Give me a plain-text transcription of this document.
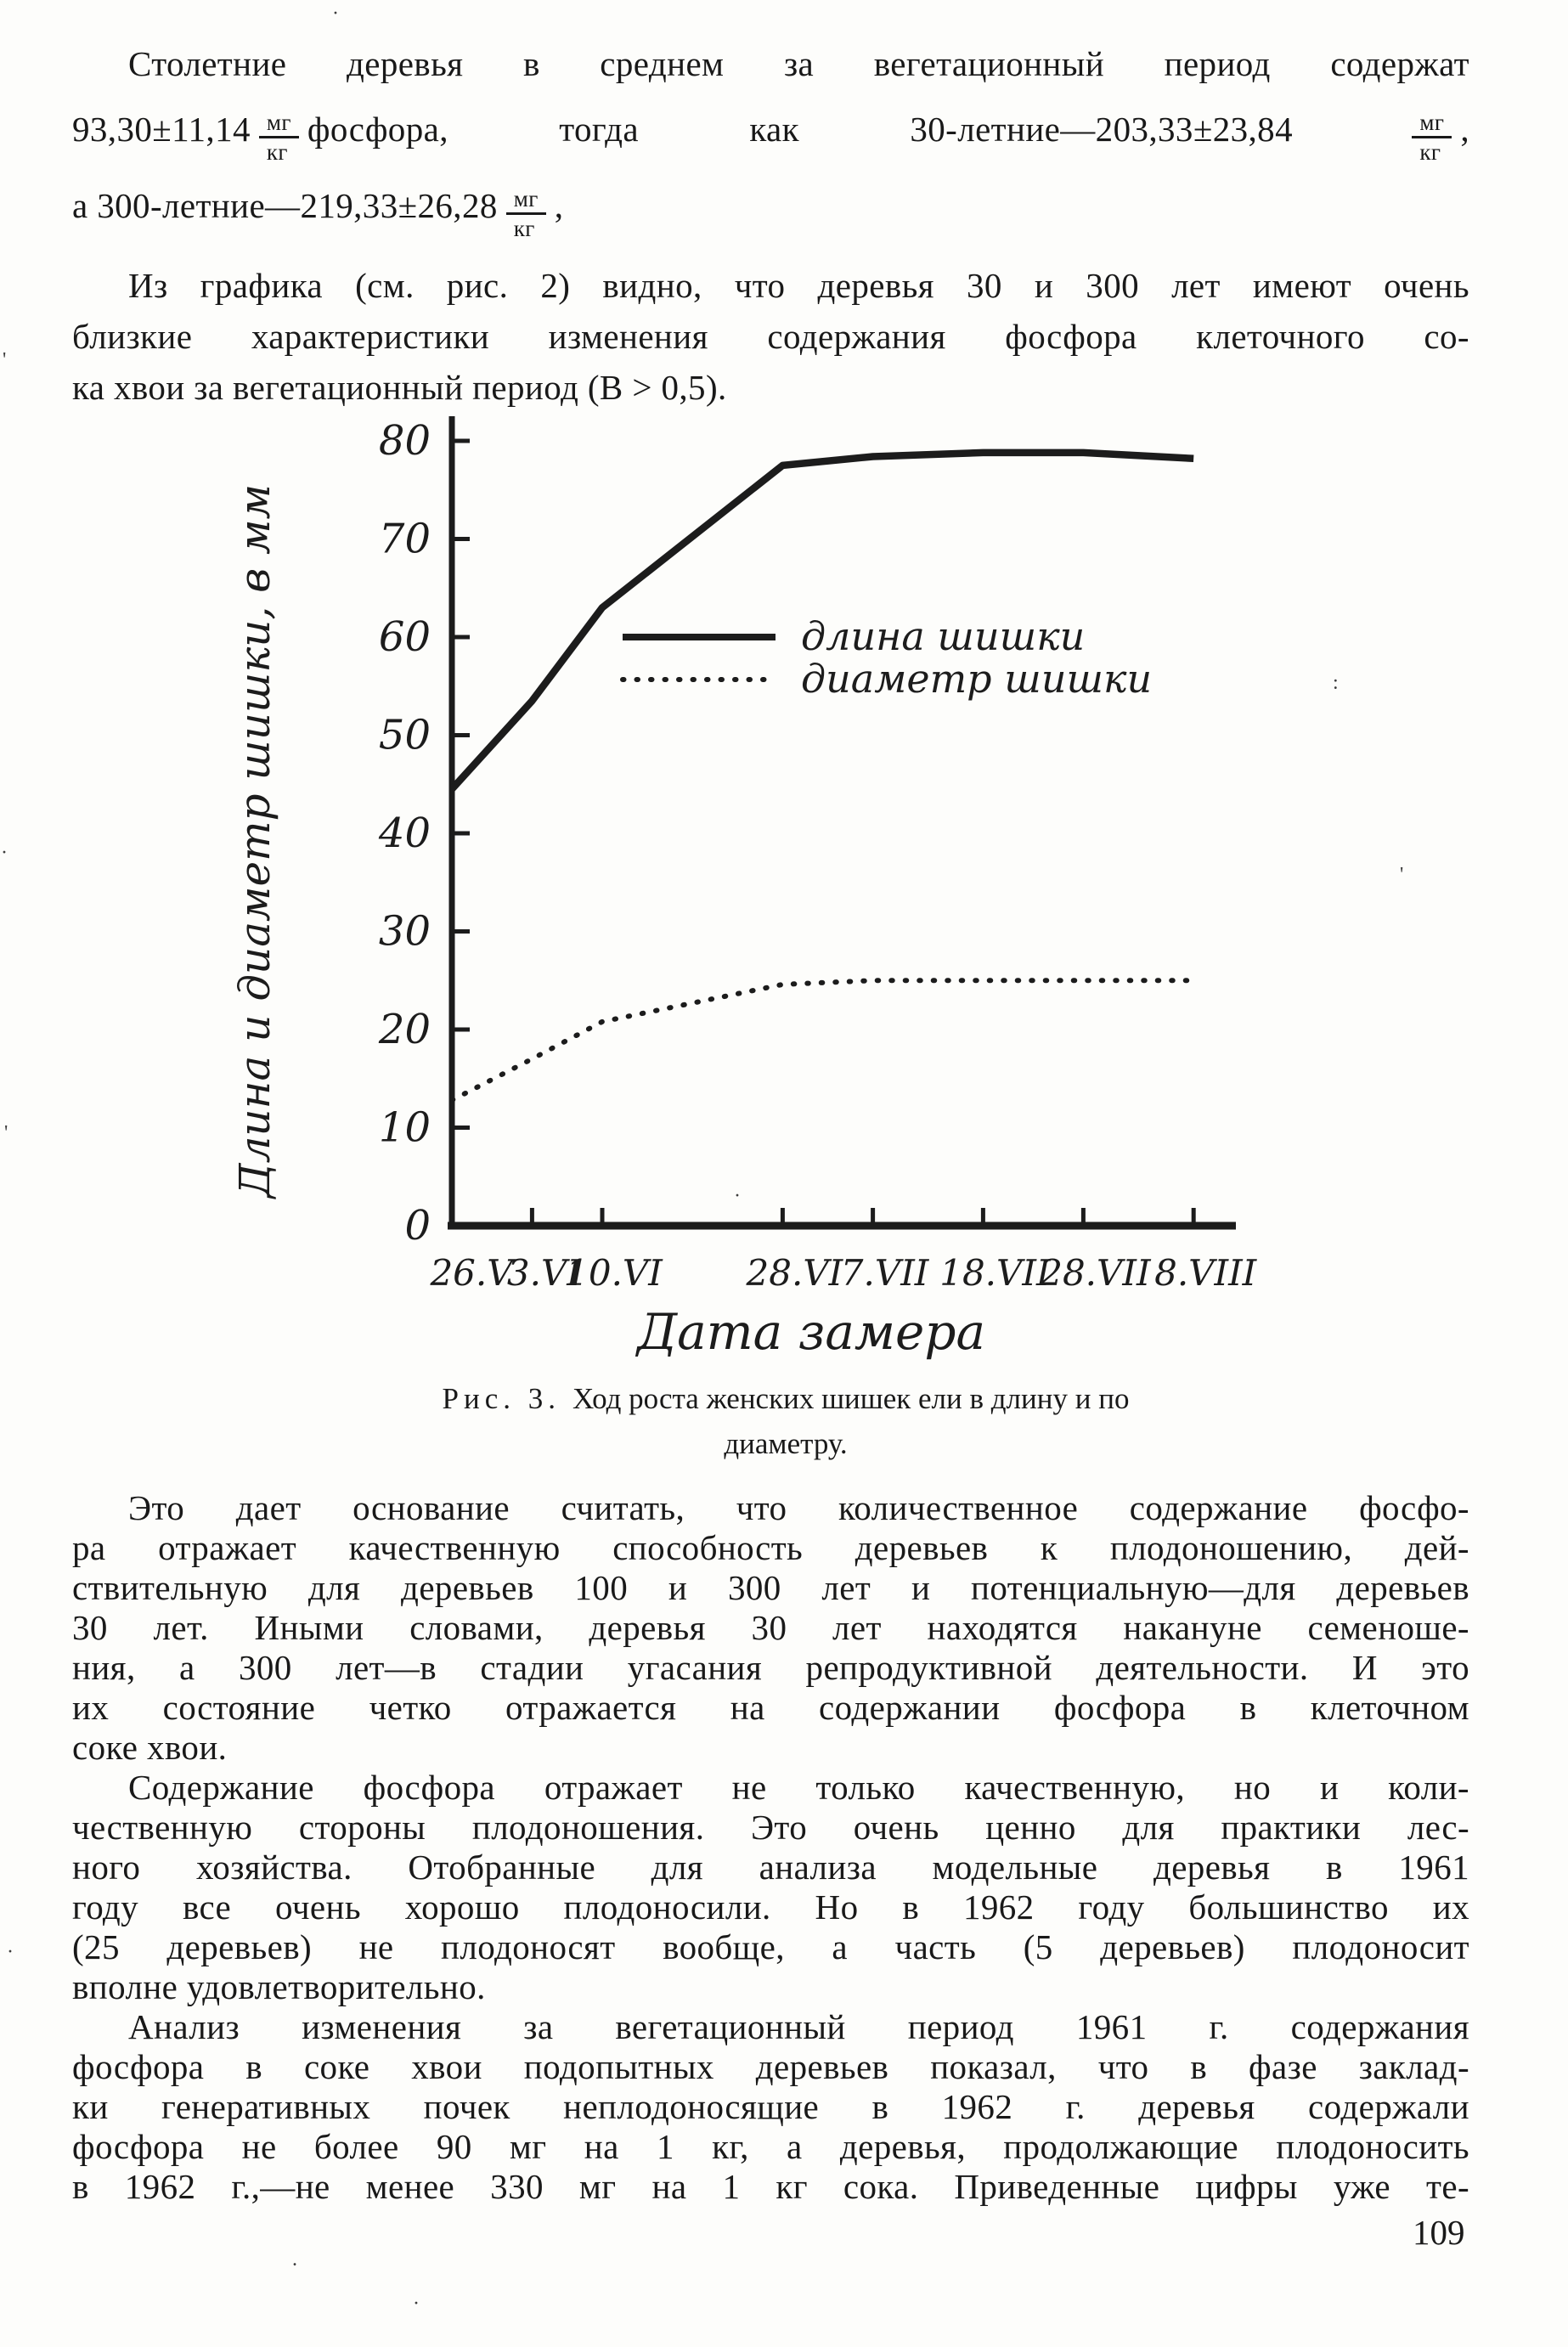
Столетние деревья в среднем за вегетационный период содержат
$93,30\pm 11,14 \frac{мг}{кг}$ фосфора, тогда как 30-летние—203,33±23,84	$\frac{мг}{кг}$ ,
а 300-летние—219,33±26,28 $\frac{мг}{кг}$ ,
Из графика (см. рис. 2) видно, что деревья 30 и 300 лет имеют очень
близкие характеристики изменения содержания фосфора клеточного со-
ка хвои за вегетационный период (В > 0,5).
0
10
20
30
40
50
60
70
80
26.V
3.VI
10.VI 28.VI
7.VII 18.VII
28.VII 8.VIII
длина шишки
диаметр шишки
Дата замера
Длина и диаметр шишки, в мм
Рис. 3. Ход роста женских шишек ели в длину и по
диаметру.
Это дает основание считать, что количественное содержание фосфо-
ра отражает качественную способность деревьев к плодоношению, дей-
ствительную для деревьев 100 и 300 лет и потенциальную—для деревьев
30 лет. Иными словами, деревья 30 лет находятся накануне семеноше-
ния, а 300 лет—в стадии угасания репродуктивной деятельности. И это
их состояние четко отражается на содержании фосфора в клеточном
соке хвои.
Содержание фосфора отражает не только качественную, но и коли-
чественную стороны плодоношения. Это очень ценно для практики лес-
ного хозяйства. Отобранные для анализа модельные деревья в 1961
году все очень хорошо плодоносили. Но в 1962 году большинство их
(25 деревьев) не плодоносят вообще, а часть (5 деревьев) плодоносит
вполне удовлетворительно.
Анализ изменения за вегетационный период 1961 г. содержания
фосфора в соке хвои подопытных деревьев показал, что в фазе заклад-
ки генеративных почек неплодоносящие в 1962 г. деревья содержали
фосфора не более 90 мг на 1 кг, а деревья, продолжающие плодоносить
в 1962 г.,—не менее 330 мг на 1 кг сока. Приведенные цифры уже те-
109
·
'
·
'
·
:
'
·
.
·
